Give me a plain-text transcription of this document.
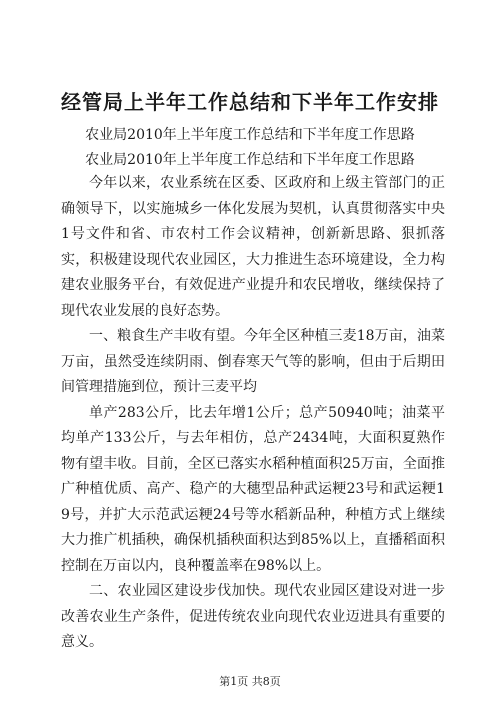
经管局上半年工作总结和下半年工作安排

农业局2010年上半年度工作总结和下半年度工作思路

农业局2010年上半年度工作总结和下半年度工作思路

今年以来，农业系统在区委、区政府和上级主管部门的正确领导下，以实施城乡一体化发展为契机，认真贯彻落实中央1号文件和省、市农村工作会议精神，创新新思路、狠抓落实，积极建设现代农业园区，大力推进生态环境建设，全力构建农业服务平台，有效促进产业提升和农民增收，继续保持了现代农业发展的良好态势。

一、粮食生产丰收有望。今年全区种植三麦18万亩，油菜万亩，虽然受连续阴雨、倒春寒天气等的影响，但由于后期田间管理措施到位，预计三麦平均

单产283公斤，比去年增1公斤；总产50940吨；油菜平均单产133公斤，与去年相仿，总产2434吨，大面积夏熟作物有望丰收。目前，全区已落实水稻种植面积25万亩，全面推广种植优质、高产、稳产的大穗型品种武运粳23号和武运粳19号，并扩大示范武运粳24号等水稻新品种，种植方式上继续大力推广机插秧，确保机插秧面积达到85%以上，直播稻面积控制在万亩以内，良种覆盖率在98%以上。

二、农业园区建设步伐加快。现代农业园区建设对进一步改善农业生产条件，促进传统农业向现代农业迈进具有重要的意义。

第1页 共8页
